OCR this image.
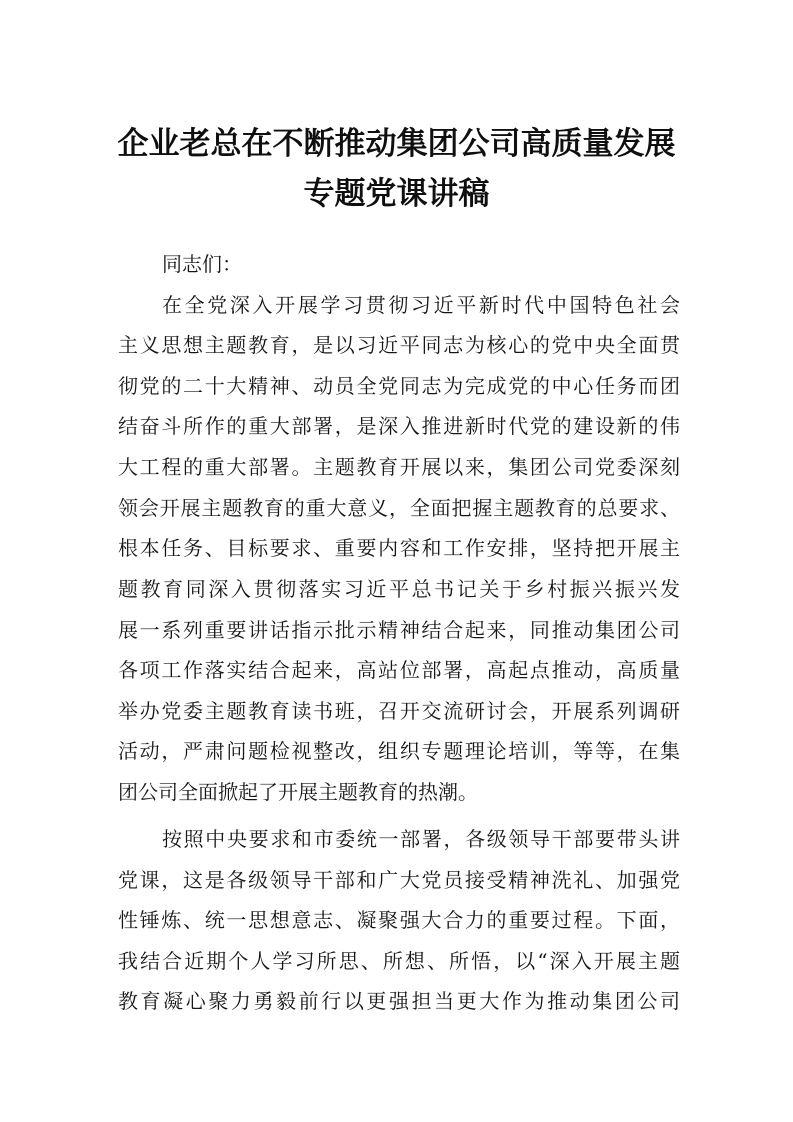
企业老总在不断推动集团公司高质量发展
专题党课讲稿
同志们：
在全党深入开展学习贯彻习近平新时代中国特色社会
主义思想主题教育，是以习近平同志为核心的党中央全面贯
彻党的二十大精神、动员全党同志为完成党的中心任务而团
结奋斗所作的重大部署，是深入推进新时代党的建设新的伟
大工程的重大部署。主题教育开展以来，集团公司党委深刻
领会开展主题教育的重大意义，全面把握主题教育的总要求、
根本任务、目标要求、重要内容和工作安排，坚持把开展主
题教育同深入贯彻落实习近平总书记关于乡村振兴振兴发
展一系列重要讲话指示批示精神结合起来，同推动集团公司
各项工作落实结合起来，高站位部署，高起点推动，高质量
举办党委主题教育读书班，召开交流研讨会，开展系列调研
活动，严肃问题检视整改，组织专题理论培训，等等，在集
团公司全面掀起了开展主题教育的热潮。
按照中央要求和市委统一部署，各级领导干部要带头讲
党课，这是各级领导干部和广大党员接受精神洗礼、加强党
性锤炼、统一思想意志、凝聚强大合力的重要过程。下面，
我结合近期个人学习所思、所想、所悟，以“深入开展主题
教育凝心聚力勇毅前行以更强担当更大作为推动集团公司
